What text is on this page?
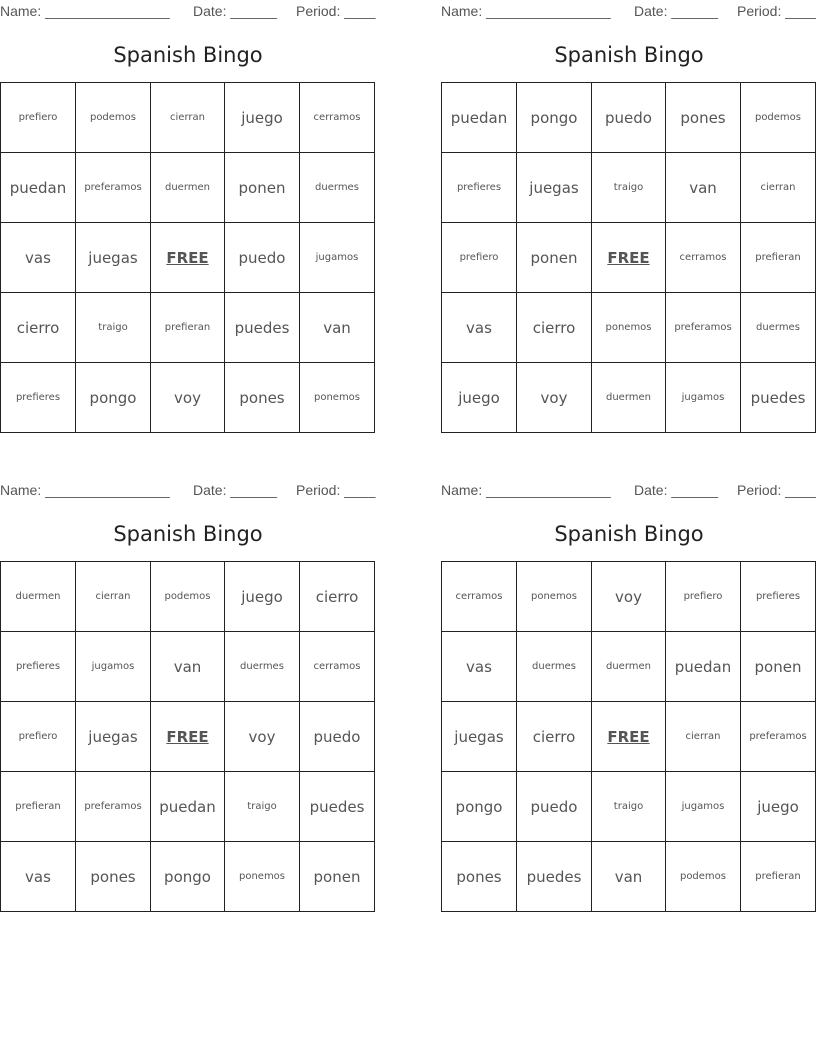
Name: ________________ Date: ______ Period: ____
Spanish Bingo
prefiero	podemos	cierran	juego	cerramos
puedan	preferamos	duermen	ponen	duermes
vas	juegas	FREE	puedo	jugamos
cierro	traigo	prefieran	puedes	van
prefieres	pongo	voy	pones	ponemos
Name: ________________ Date: ______ Period: ____
Spanish Bingo
puedan	pongo	puedo	pones	podemos
prefieres	juegas	traigo	van	cierran
prefiero	ponen	FREE	cerramos	prefieran
vas	cierro	ponemos	preferamos	duermes
juego	voy	duermen	jugamos	puedes
Name: ________________ Date: ______ Period: ____
Spanish Bingo
duermen	cierran	podemos	juego	cierro
prefieres	jugamos	van	duermes	cerramos
prefiero	juegas	FREE	voy	puedo
prefieran	preferamos	puedan	traigo	puedes
vas	pones	pongo	ponemos	ponen
Name: ________________ Date: ______ Period: ____
Spanish Bingo
cerramos	ponemos	voy	prefiero	prefieres
vas	duermes	duermen	puedan	ponen
juegas	cierro	FREE	cierran	preferamos
pongo	puedo	traigo	jugamos	juego
pones	puedes	van	podemos	prefieran
